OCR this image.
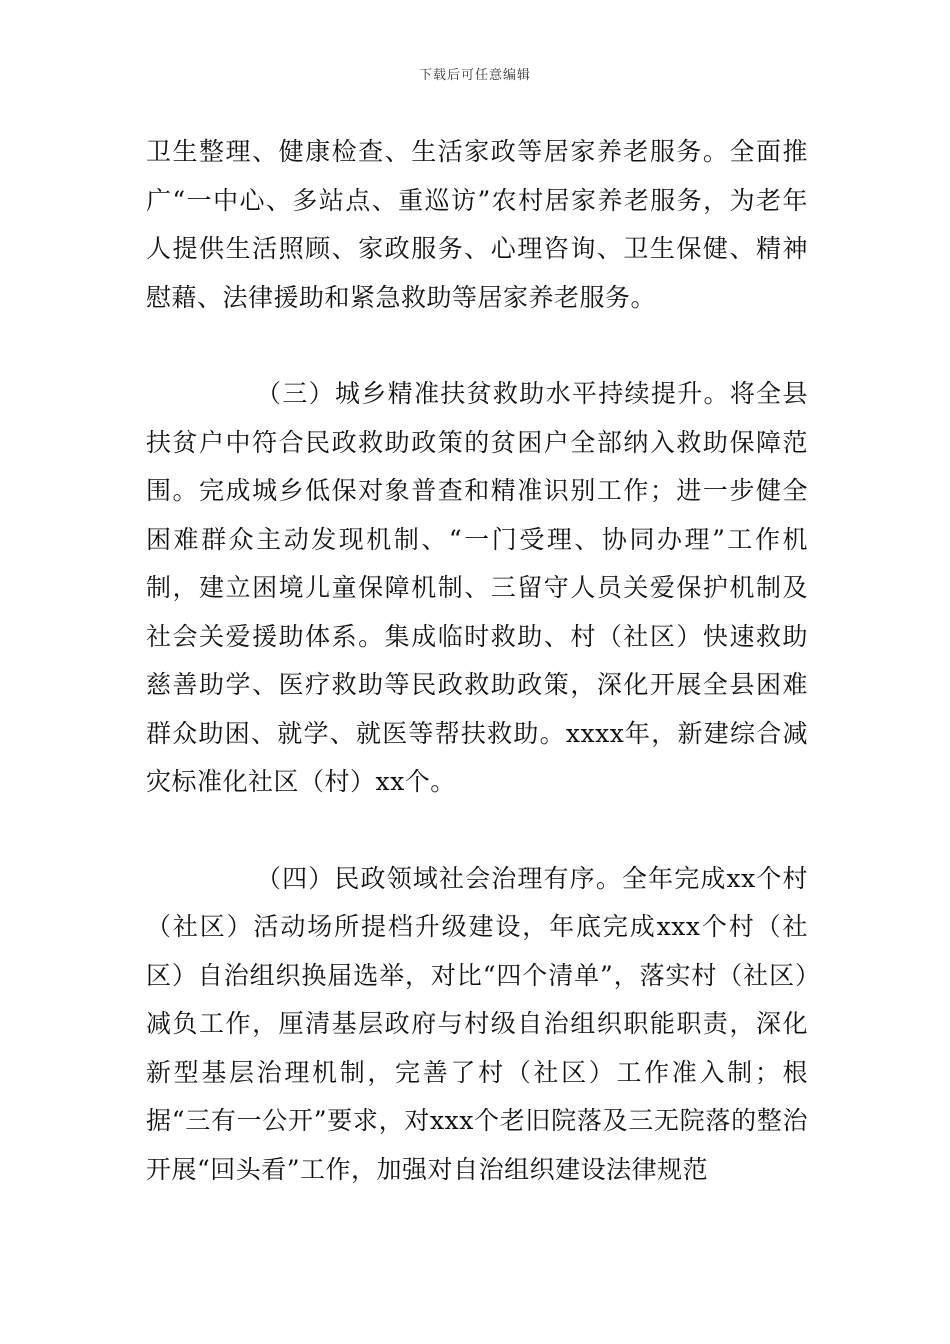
下载后可任意编辑

卫生整理、健康检查、生活家政等居家养老服务。全面推广“一中心、多站点、重巡访”农村居家养老服务，为老年人提供生活照顾、家政服务、心理咨询、卫生保健、精神慰藉、法律援助和紧急救助等居家养老服务。

（三）城乡精准扶贫救助水平持续提升。将全县扶贫户中符合民政救助政策的贫困户全部纳入救助保障范围。完成城乡低保对象普查和精准识别工作；进一步健全困难群众主动发现机制、“一门受理、协同办理”工作机制，建立困境儿童保障机制、三留守人员关爱保护机制及社会关爱援助体系。集成临时救助、村（社区）快速救助慈善助学、医疗救助等民政救助政策，深化开展全县困难群众助困、就学、就医等帮扶救助。xxxx年，新建综合减灾标准化社区（村）xx个。

（四）民政领域社会治理有序。全年完成xx个村（社区）活动场所提档升级建设，年底完成xxx个村（社区）自治组织换届选举，对比“四个清单”，落实村（社区）减负工作，厘清基层政府与村级自治组织职能职责，深化新型基层治理机制，完善了村（社区）工作准入制；根据“三有一公开”要求，对xxx个老旧院落及三无院落的整治开展“回头看”工作，加强对自治组织建设法律规范
